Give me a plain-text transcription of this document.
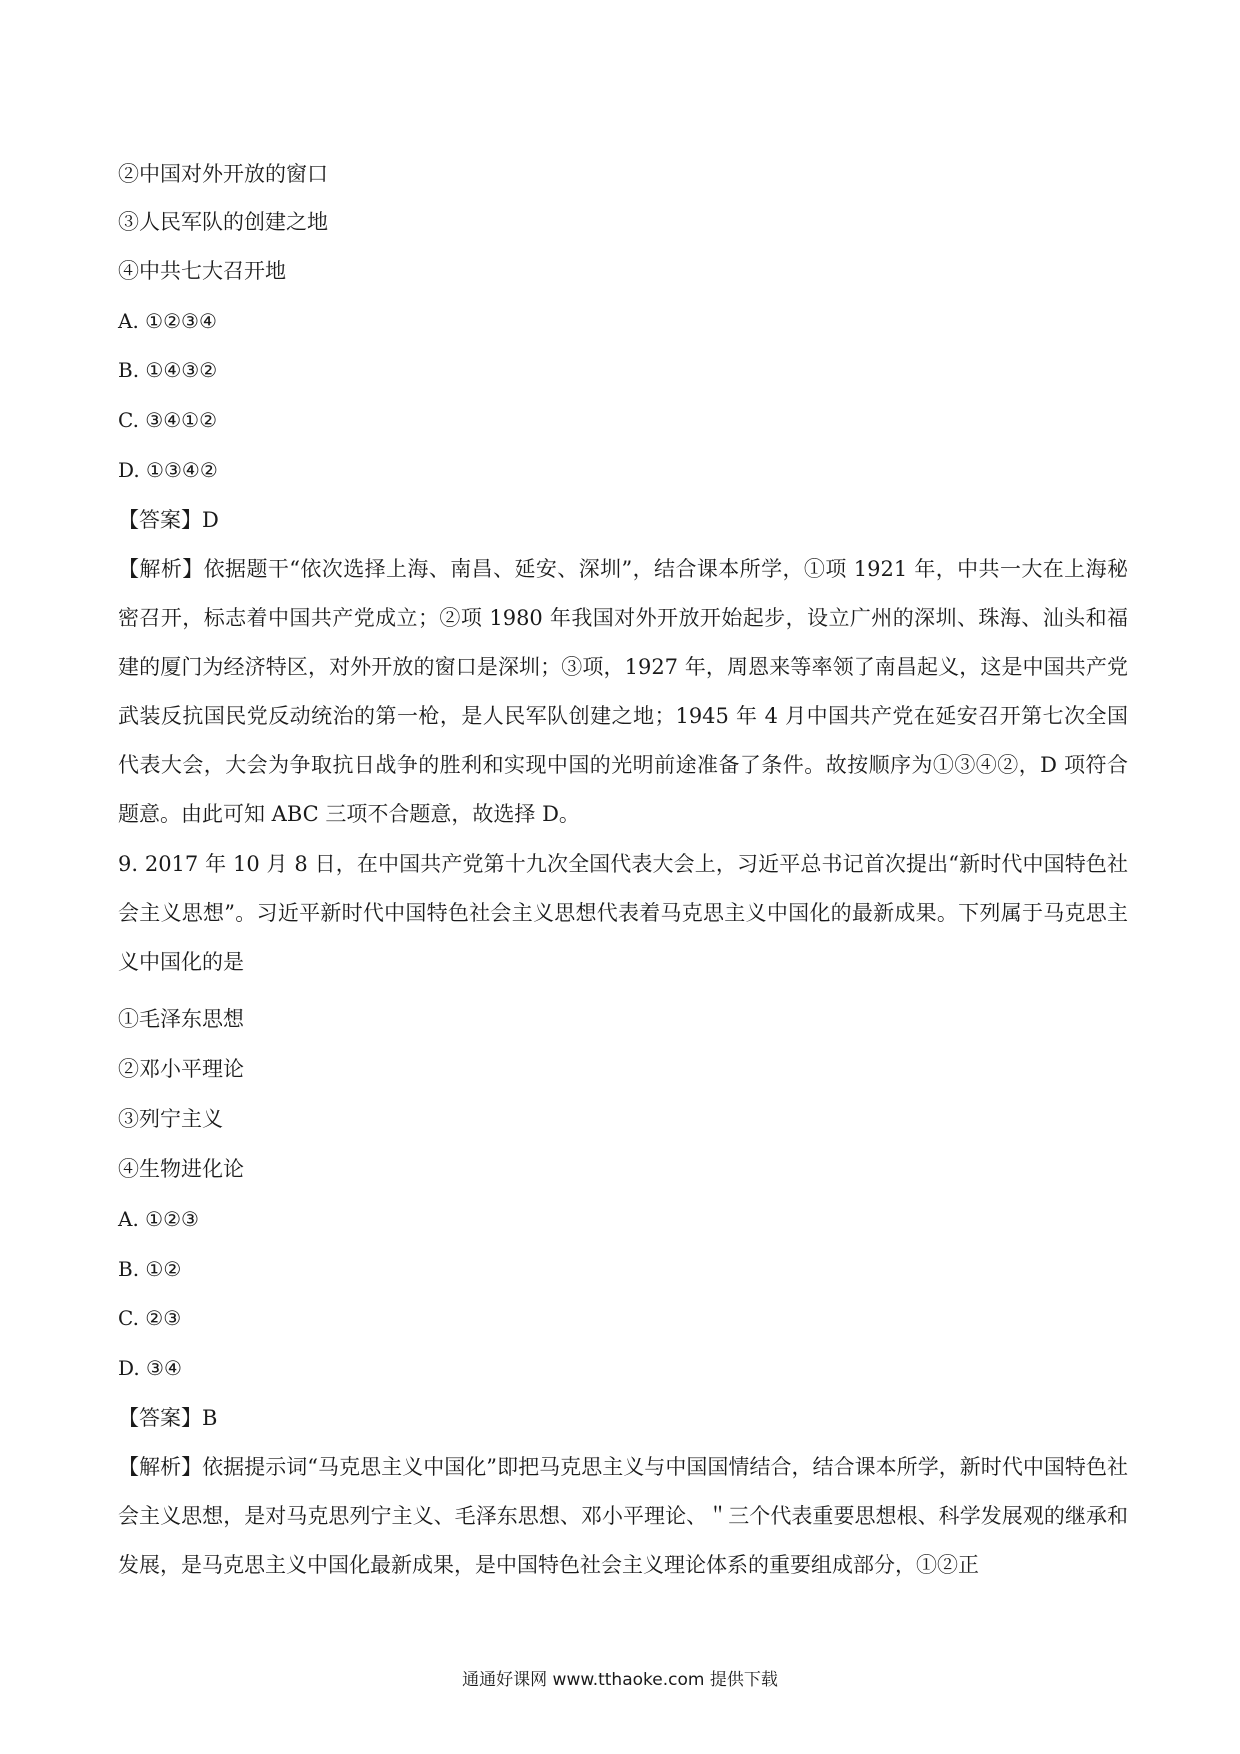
②中国对外开放的窗口
③人民军队的创建之地
④中共七大召开地
A. ①②③④
B. ①④③②
C. ③④①②
D. ①③④②
【答案】D
【解析】依据题干“依次选择上海、南昌、延安、深圳”，结合课本所学，①项 1921 年，中共一大在上海秘密召开，标志着中国共产党成立；②项 1980 年我国对外开放开始起步，设立广州的深圳、珠海、汕头和福建的厦门为经济特区，对外开放的窗口是深圳；③项，1927 年，周恩来等率领了南昌起义，这是中国共产党武装反抗国民党反动统治的第一枪，是人民军队创建之地；1945 年 4 月中国共产党在延安召开第七次全国代表大会，大会为争取抗日战争的胜利和实现中国的光明前途准备了条件。故按顺序为①③④②，D 项符合题意。由此可知 ABC 三项不合题意，故选择 D。
9. 2017 年 10 月 8 日，在中国共产党第十九次全国代表大会上，习近平总书记首次提出“新时代中国特色社会主义思想”。习近平新时代中国特色社会主义思想代表着马克思主义中国化的最新成果。下列属于马克思主义中国化的是
①毛泽东思想
②邓小平理论
③列宁主义
④生物进化论
A. ①②③
B. ①②
C. ②③
D. ③④
【答案】B
【解析】依据提示词“马克思主义中国化”即把马克思主义与中国国情结合，结合课本所学，新时代中国特色社会主义思想，是对马克思列宁主义、毛泽东思想、邓小平理论、＂三个代表重要思想根、科学发展观的继承和发展，是马克思主义中国化最新成果，是中国特色社会主义理论体系的重要组成部分，①②正
通通好课网 www.tthaoke.com 提供下载
